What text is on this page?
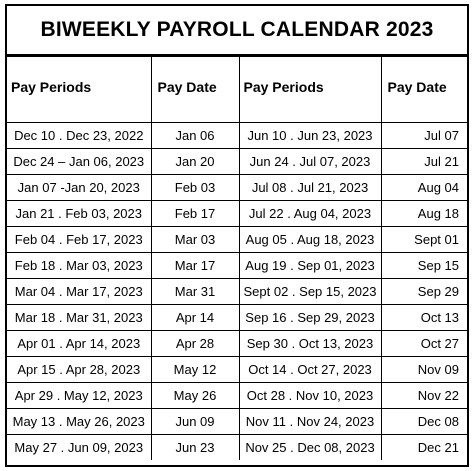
BIWEEKLY PAYROLL CALENDAR 2023
Pay Periods	Pay Date	Pay Periods	Pay Date
Dec 10 . Dec 23, 2022	Jan 06	Jun 10 . Jun 23, 2023	Jul 07
Dec 24 – Jan 06, 2023	Jan 20	Jun 24 . Jul 07, 2023	Jul 21
Jan 07 -Jan 20, 2023	Feb 03	Jul 08 . Jul 21, 2023	Aug 04
Jan 21 . Feb 03, 2023	Feb 17	Jul 22 . Aug 04, 2023	Aug 18
Feb 04 . Feb 17, 2023	Mar 03	Aug 05 . Aug 18, 2023	Sept 01
Feb 18 . Mar 03, 2023	Mar 17	Aug 19 . Sep 01, 2023	Sep 15
Mar 04 . Mar 17, 2023	Mar 31	Sept 02 . Sep 15, 2023	Sep 29
Mar 18 . Mar 31, 2023	Apr 14	Sep 16 . Sep 29, 2023	Oct 13
Apr 01 . Apr 14, 2023	Apr 28	Sep 30 . Oct 13, 2023	Oct 27
Apr 15 . Apr 28, 2023	May 12	Oct 14 . Oct 27, 2023	Nov 09
Apr 29 . May 12, 2023	May 26	Oct 28 . Nov 10, 2023	Nov 22
May 13 . May 26, 2023	Jun 09	Nov 11 . Nov 24, 2023	Dec 08
May 27 . Jun 09, 2023	Jun 23	Nov 25 . Dec 08, 2023	Dec 21
